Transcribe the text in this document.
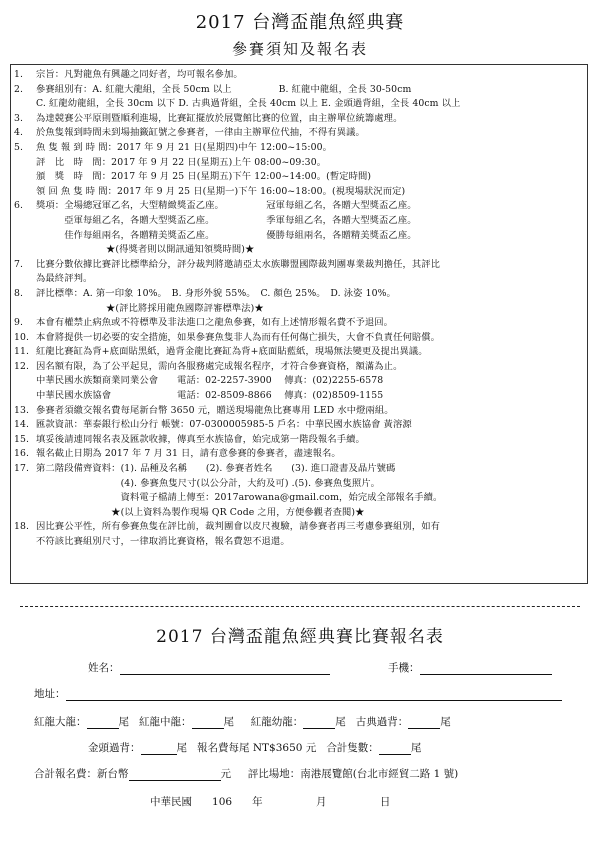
2017 台灣盃龍魚經典賽
參賽須知及報名表
1. 宗旨：凡對龍魚有興趣之同好者，均可報名參加。
2. 參賽組別有：A. 紅龍大龍組，全長 50cm 以上　　　　　B. 紅龍中龍組，全長 30-50cm
C. 紅龍幼龍組，全長 30cm 以下 D. 古典過背組，全長 40cm 以上 E. 金頭過背組，全長 40cm 以上
3. 為達競賽公平原則暨順利進場，比賽缸擺放於展覽館比賽的位置，由主辦單位統籌處理。
4. 於魚隻報到時間未到場抽籤缸號之參賽者，一律由主辦單位代抽，不得有異議。
5. 魚 隻 報 到 時 間：2017 年 9 月 21 日(星期四)中午 12:00~15:00。
評　比　時　間：2017 年 9 月 22 日(星期五)上午 08:00~09:30。
頒　獎　時　間：2017 年 9 月 25 日(星期五)下午 12:00~14:00。(暫定時間)
領 回 魚 隻 時 間：2017 年 9 月 25 日(星期一)下午 16:00~18:00。(視現場狀況而定)
6. 獎項：全場總冠軍乙名，大型精緻獎盃乙座。　　　　　冠軍每組乙名，各贈大型獎盃乙座。
　　　亞軍每組乙名，各贈大型獎盃乙座。　　　　　　季軍每組乙名，各贈大型獎盃乙座。
　　　佳作每組兩名，各贈精美獎盃乙座。　　　　　　優勝每組兩名，各贈精美獎盃乙座。
★(得獎者則以開訊通知領獎時間)★
7. 比賽分數依據比賽評比標準給分，評分裁判將邀請亞太水族聯盟國際裁判團專業裁判擔任，其評比
為最終評判。
8. 評比標準：A. 第一印象 10%。　B. 身形外貌 55%。　C. 顏色 25%。　D. 泳姿 10%。
★(評比將採用龍魚國際評審標準法)★
9. 本會有權禁止病魚或不符標準及非法進口之龍魚參賽，如有上述情形報名費不予退回。
10. 本會將提供一切必要的安全措施，如果參賽魚隻非人為而有任何傷亡損失，大會不負責任何賠償。
11. 紅龍比賽缸為背+底面貼黑紙，過背金龍比賽缸為背+底面貼藍紙，現場無法變更及提出異議。
12. 因名額有限，為了公平起見，需向各服務處完成報名程序，才符合參賽資格，額滿為止。
中華民國水族類商業同業公會　　電話：02-2257-3900　 傳真：(02)2255-6578
中華民國水族協會　　　　　　　電話：02-8509-8866　 傳真：(02)8509-1155
13. 參賽者須繳交報名費每尾新台幣 3650 元，贈送現場龍魚比賽專用 LED 水中燈兩組。
14. 匯款資訊：華泰銀行松山分行 帳號：07-0300005985-5 戶名：中華民國水族協會 黃溶源
15. 填妥後請連同報名表及匯款收據，傳真至水族協會，始完成第一階段報名手續。
16. 報名截止日期為 2017 年 7 月 31 日，請有意參賽的參賽者，盡速報名。
17. 第二階段備齊資料：(1). 品種及名稱　　(2). 參賽者姓名　　(3). 進口證書及晶片號碼
　　　　　　　　　(4). 參賽魚隻尺寸(以公分計，大約及可) .(5). 參賽魚隻照片。
　　　　　　　　　資料電子檔請上傳至：2017arowana@gmail.com，始完成全部報名手續。
　　　　　　　　★(以上資料為製作現場 QR Code 之用，方便參觀者查閱)★
18. 因比賽公平性，所有參賽魚隻在評比前，裁判團會以皮尺複驗，請參賽者再三考慮參賽組別，如有
不符該比賽組別尺寸，一律取消比賽資格，報名費恕不退還。
2017 台灣盃龍魚經典賽比賽報名表
姓名：	手機：
地址：
紅龍大龍：	尾 紅龍中龍：	尾 紅龍幼龍：	尾 古典過背：	尾
金頭過背：	尾 報名費每尾 NT$3650 元 合計隻數：	尾
合計報名費：新台幣	元 評比場地：南港展覽館(台北市經貿二路 1 號)
中華民國 106 年	月	日
